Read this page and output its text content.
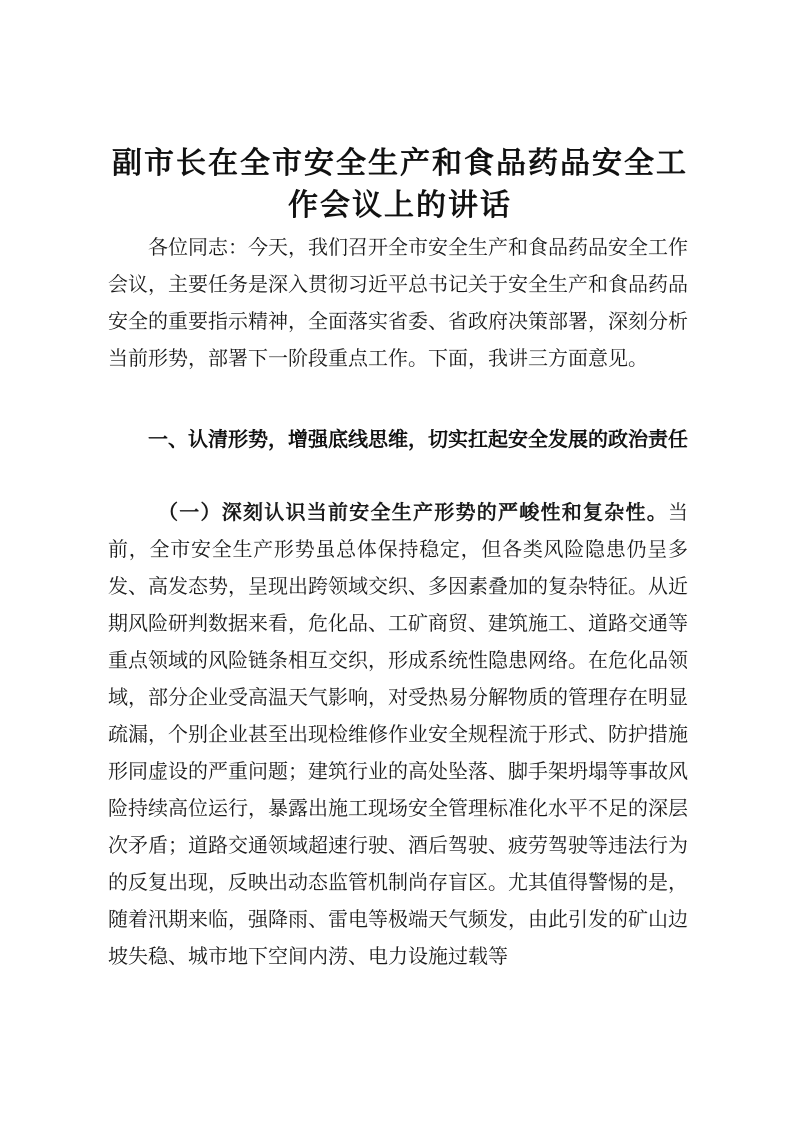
副市长在全市安全生产和食品药品安全工作会议上的讲话

各位同志：今天，我们召开全市安全生产和食品药品安全工作会议，主要任务是深入贯彻习近平总书记关于安全生产和食品药品安全的重要指示精神，全面落实省委、省政府决策部署，深刻分析当前形势，部署下一阶段重点工作。下面，我讲三方面意见。

一、认清形势，增强底线思维，切实扛起安全发展的政治责任

（一）深刻认识当前安全生产形势的严峻性和复杂性。当前，全市安全生产形势虽总体保持稳定，但各类风险隐患仍呈多发、高发态势，呈现出跨领域交织、多因素叠加的复杂特征。从近期风险研判数据来看，危化品、工矿商贸、建筑施工、道路交通等重点领域的风险链条相互交织，形成系统性隐患网络。在危化品领域，部分企业受高温天气影响，对受热易分解物质的管理存在明显疏漏，个别企业甚至出现检维修作业安全规程流于形式、防护措施形同虚设的严重问题；建筑行业的高处坠落、脚手架坍塌等事故风险持续高位运行，暴露出施工现场安全管理标准化水平不足的深层次矛盾；道路交通领域超速行驶、酒后驾驶、疲劳驾驶等违法行为的反复出现，反映出动态监管机制尚存盲区。尤其值得警惕的是，随着汛期来临，强降雨、雷电等极端天气频发，由此引发的矿山边坡失稳、城市地下空间内涝、电力设施过载等
